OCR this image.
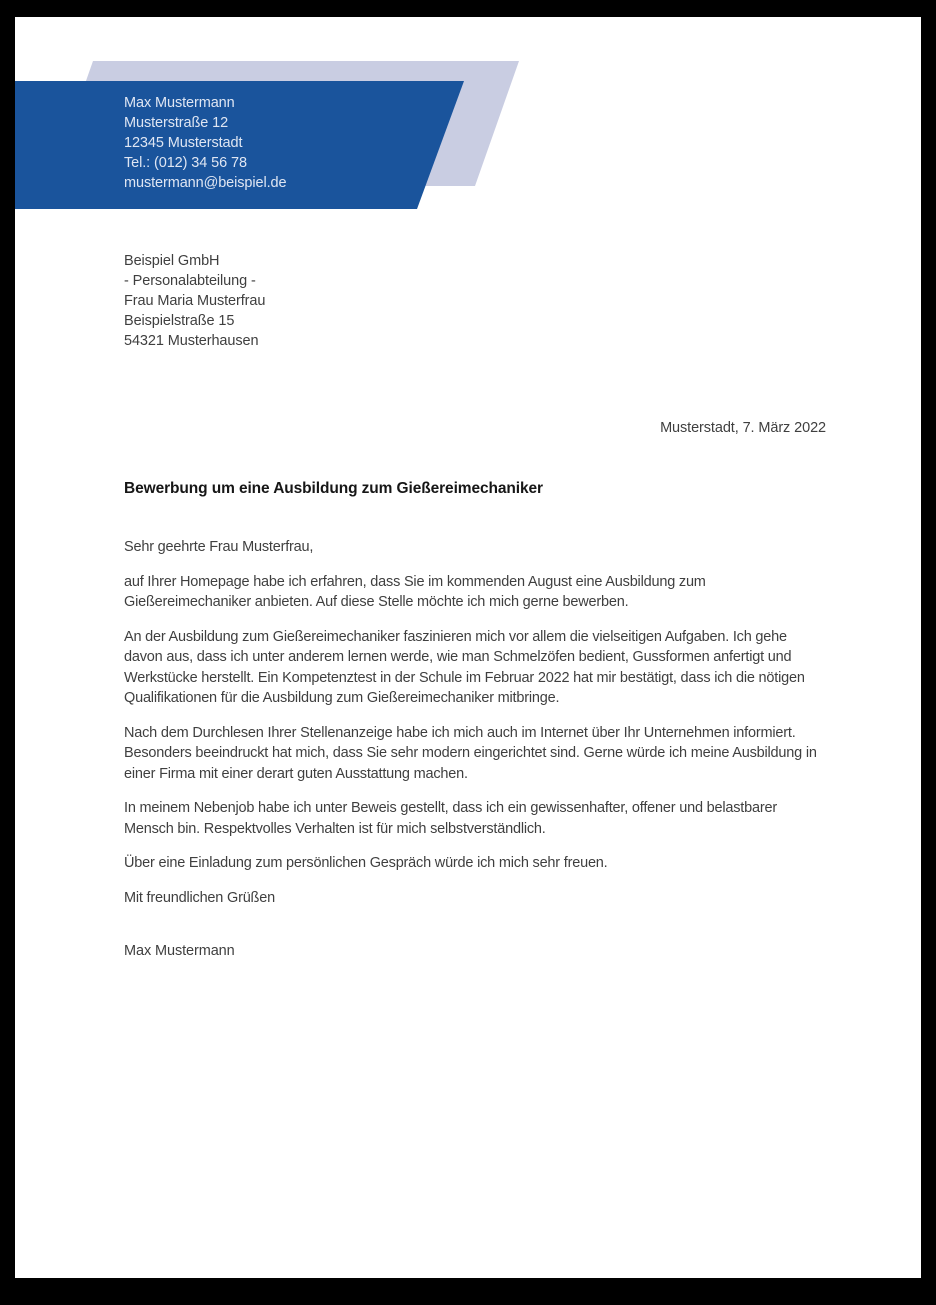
Max Mustermann
Musterstraße 12
12345 Musterstadt
Tel.: (012) 34 56 78
mustermann@beispiel.de
Beispiel GmbH
- Personalabteilung -
Frau Maria Musterfrau
Beispielstraße 15
54321 Musterhausen
Musterstadt, 7. März 2022
Bewerbung um eine Ausbildung zum Gießereimechaniker

Sehr geehrte Frau Musterfrau,

auf Ihrer Homepage habe ich erfahren, dass Sie im kommenden August eine Ausbildung zum Gießereimechaniker anbieten. Auf diese Stelle möchte ich mich gerne bewerben.

An der Ausbildung zum Gießereimechaniker faszinieren mich vor allem die vielseitigen Aufgaben. Ich gehe davon aus, dass ich unter anderem lernen werde, wie man Schmelzöfen bedient, Gussformen anfertigt und Werkstücke herstellt. Ein Kompetenztest in der Schule im Februar 2022 hat mir bestätigt, dass ich die nötigen Qualifikationen für die Ausbildung zum Gießereimechaniker mitbringe.

Nach dem Durchlesen Ihrer Stellenanzeige habe ich mich auch im Internet über Ihr Unternehmen informiert. Besonders beeindruckt hat mich, dass Sie sehr modern eingerichtet sind. Gerne würde ich meine Ausbildung in einer Firma mit einer derart guten Ausstattung machen.

In meinem Nebenjob habe ich unter Beweis gestellt, dass ich ein gewissenhafter, offener und belastbarer Mensch bin. Respektvolles Verhalten ist für mich selbstverständlich.

Über eine Einladung zum persönlichen Gespräch würde ich mich sehr freuen.

Mit freundlichen Grüßen

Max Mustermann
